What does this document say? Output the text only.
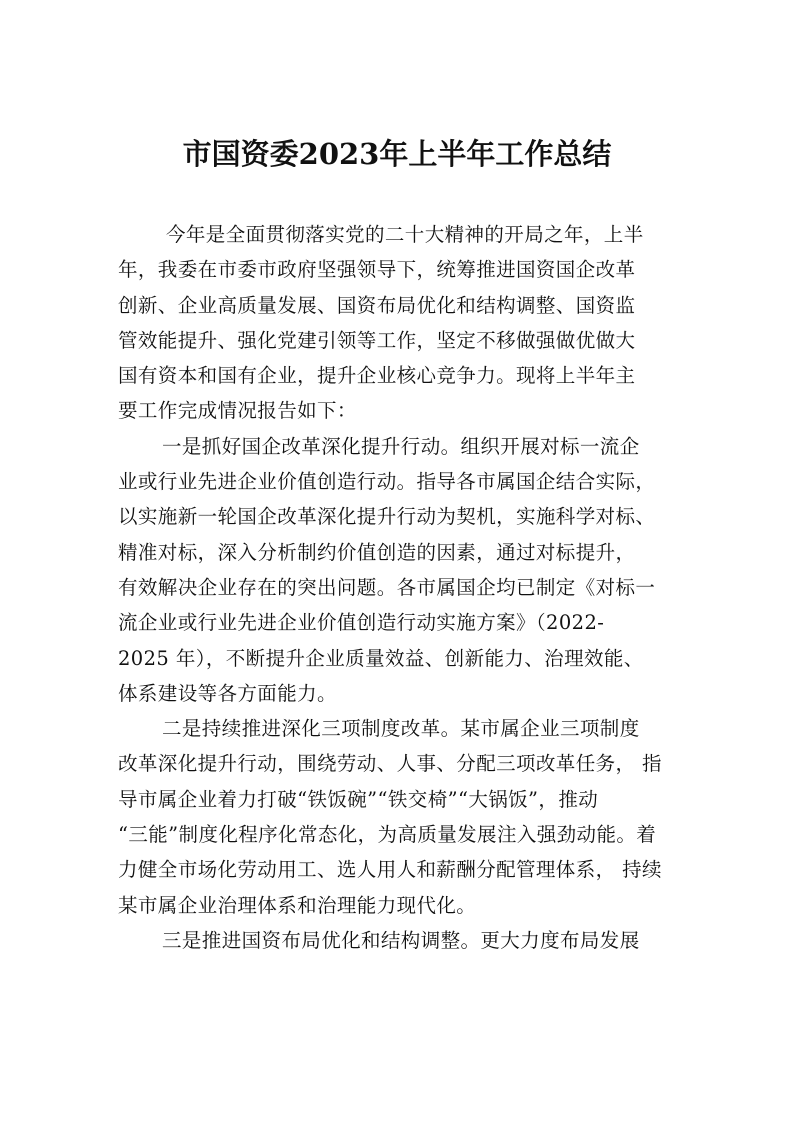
市国资委2023年上半年工作总结
今年是全面贯彻落实党的二十大精神的开局之年，上半
年，我委在市委市政府坚强领导下，统筹推进国资国企改革
创新、企业高质量发展、国资布局优化和结构调整、国资监
管效能提升、强化党建引领等工作，坚定不移做强做优做大
国有资本和国有企业，提升企业核心竞争力。现将上半年主
要工作完成情况报告如下：
一是抓好国企改革深化提升行动。组织开展对标一流企
业或行业先进企业价值创造行动。指导各市属国企结合实际，
以实施新一轮国企改革深化提升行动为契机，实施科学对标、
精准对标，深入分析制约价值创造的因素，通过对标提升，
有效解决企业存在的突出问题。各市属国企均已制定《对标一
流企业或行业先进企业价值创造行动实施方案》（2022-
2025 年），不断提升企业质量效益、创新能力、治理效能、
体系建设等各方面能力。
二是持续推进深化三项制度改革。某市属企业三项制度
改革深化提升行动，围绕劳动、人事、分配三项改革任务， 指
导市属企业着力打破“铁饭碗”“铁交椅”“大锅饭”，推动
“三能”制度化程序化常态化，为高质量发展注入强劲动能。着
力健全市场化劳动用工、选人用人和薪酬分配管理体系， 持续
某市属企业治理体系和治理能力现代化。
三是推进国资布局优化和结构调整。更大力度布局发展
